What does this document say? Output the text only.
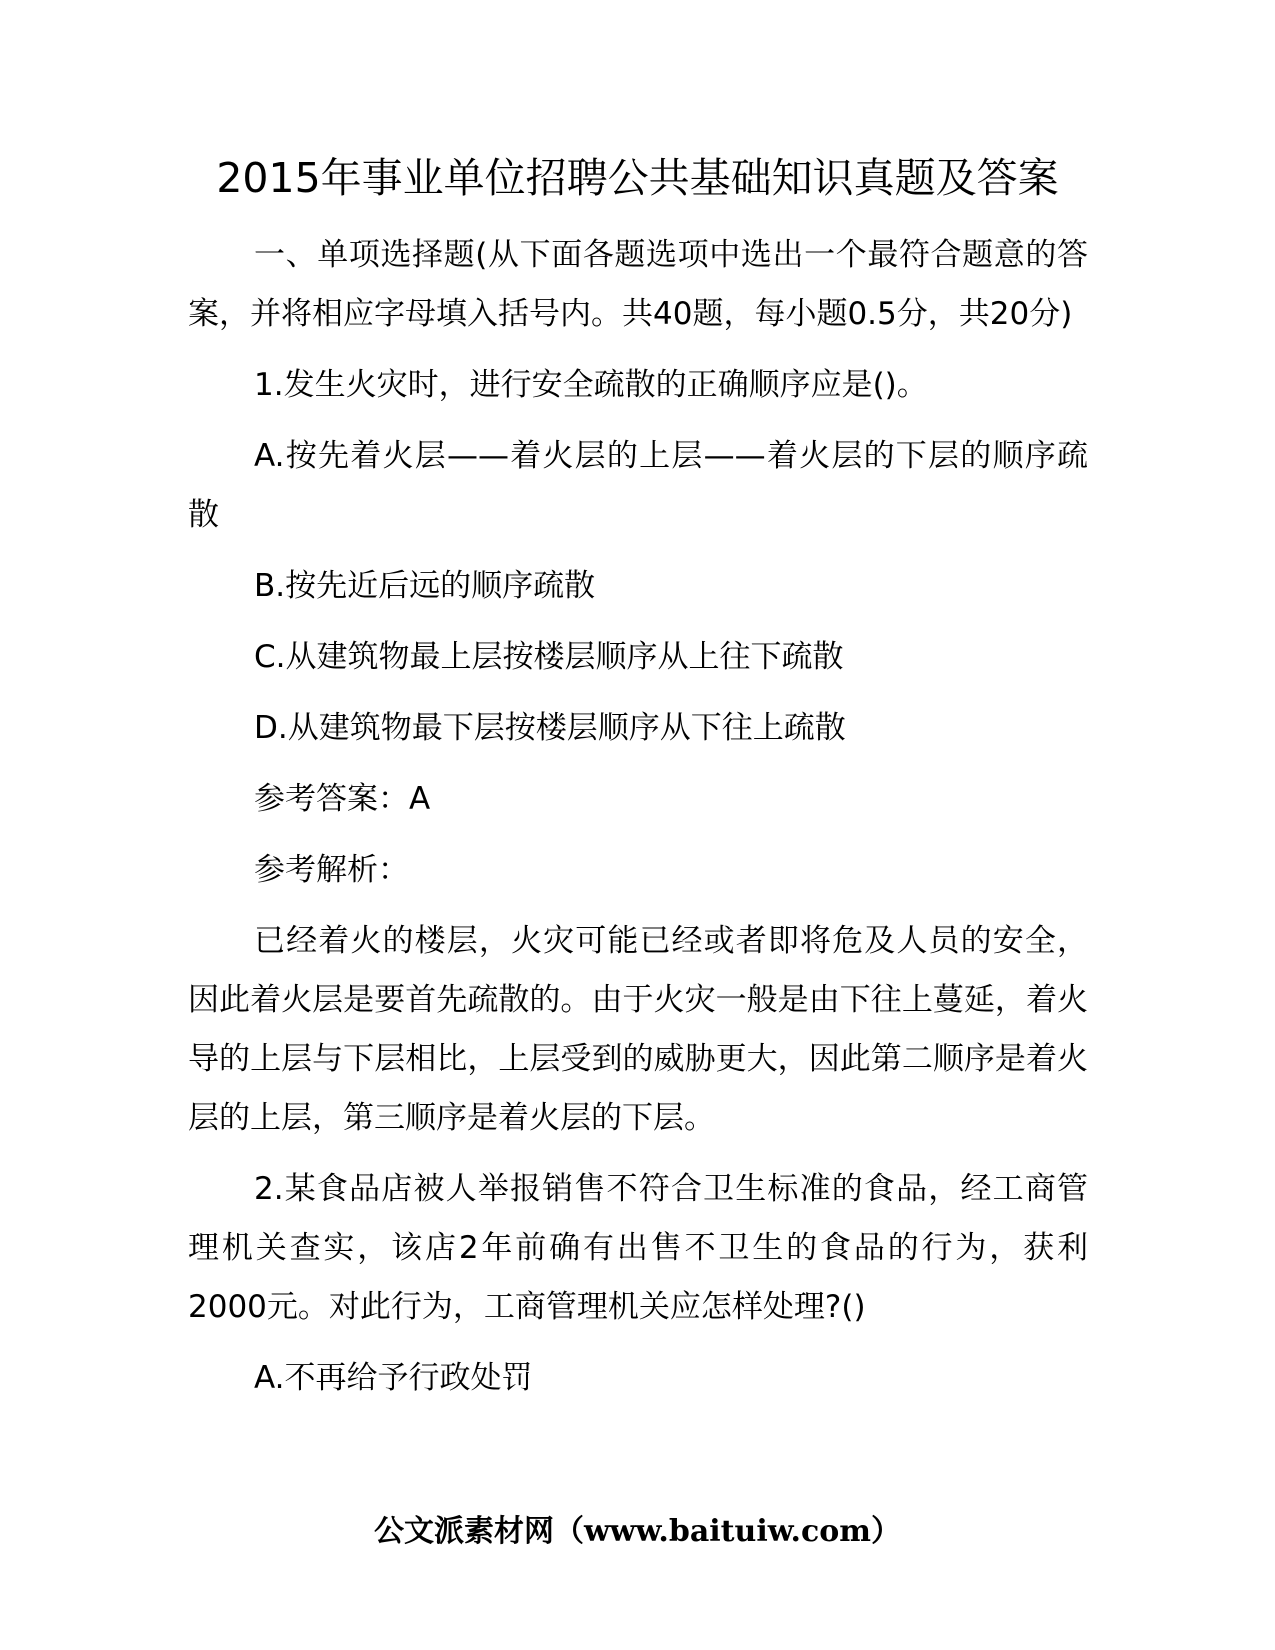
2015年事业单位招聘公共基础知识真题及答案

一、单项选择题(从下面各题选项中选出一个最符合题意的答案，并将相应字母填入括号内。共40题，每小题0.5分，共20分)

1.发生火灾时，进行安全疏散的正确顺序应是()。

A.按先着火层——着火层的上层——着火层的下层的顺序疏散

B.按先近后远的顺序疏散

C.从建筑物最上层按楼层顺序从上往下疏散

D.从建筑物最下层按楼层顺序从下往上疏散

参考答案：A

参考解析：

已经着火的楼层，火灾可能已经或者即将危及人员的安全，因此着火层是要首先疏散的。由于火灾一般是由下往上蔓延，着火导的上层与下层相比，上层受到的威胁更大，因此第二顺序是着火层的上层，第三顺序是着火层的下层。

2.某食品店被人举报销售不符合卫生标准的食品，经工商管理机关查实，该店2年前确有出售不卫生的食品的行为，获利2000元。对此行为，工商管理机关应怎样处理?()

A.不再给予行政处罚

公文派素材网（www.baituiw.com）
